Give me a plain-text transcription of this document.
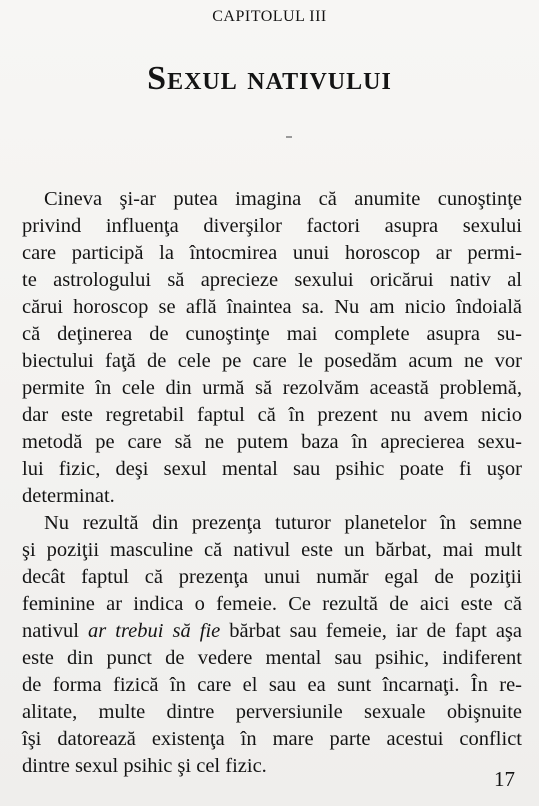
CAPITOLUL III
Sexul nativului

Cineva şi-ar putea imagina că anumite cunoştinţe
privind influenţa diverşilor factori asupra sexului
care participă la întocmirea unui horoscop ar permi-
te astrologului să aprecieze sexului oricărui nativ al
cărui horoscop se află înaintea sa. Nu am nicio îndoială
că deţinerea de cunoştinţe mai complete asupra su-
biectului faţă de cele pe care le posedăm acum ne vor
permite în cele din urmă să rezolvăm această problemă,
dar este regretabil faptul că în prezent nu avem nicio
metodă pe care să ne putem baza în aprecierea sexu-
lui fizic, deşi sexul mental sau psihic poate fi uşor
determinat.

Nu rezultă din prezenţa tuturor planetelor în semne
şi poziţii masculine că nativul este un bărbat, mai mult
decât faptul că prezenţa unui număr egal de poziţii
feminine ar indica o femeie. Ce rezultă de aici este că
nativul ar trebui să fie bărbat sau femeie, iar de fapt aşa
este din punct de vedere mental sau psihic, indiferent
de forma fizică în care el sau ea sunt încarnaţi. În re-
alitate, multe dintre perversiunile sexuale obişnuite
îşi datorează existenţa în mare parte acestui conflict
dintre sexul psihic şi cel fizic.

17
